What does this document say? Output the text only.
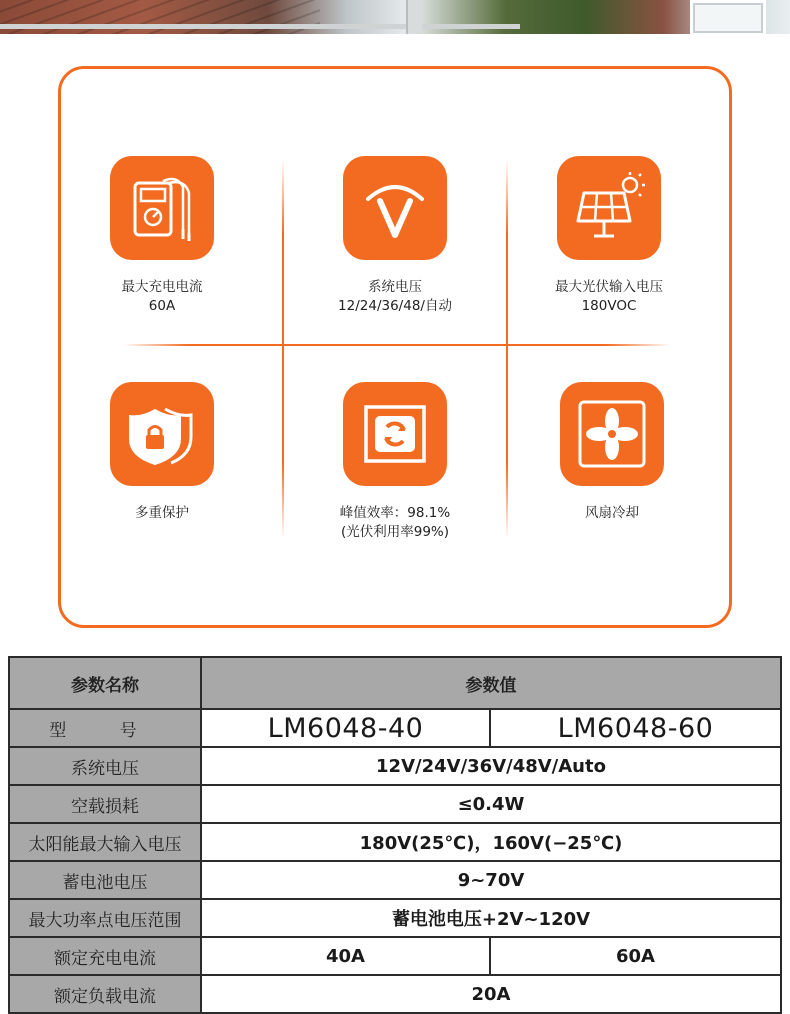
最大充电电流
60A
系统电压
12/24/36/48/自动
最大光伏输入电压
180VOC
多重保护	峰值效率：98.1%
(光伏利用率99%)
风扇冷却
参数名称	参数值	
型 号	LM6048-40	LM6048-60
系统电压	12V/24V/36V/48V/Auto	
空载损耗	≤0.4W	
太阳能最大输入电压	180V(25℃)，160V(−25℃)	
蓄电池电压	9~70V	
最大功率点电压范围	蓄电池电压+2V~120V	
额定充电电流	40A	60A
额定负载电流	20A	
